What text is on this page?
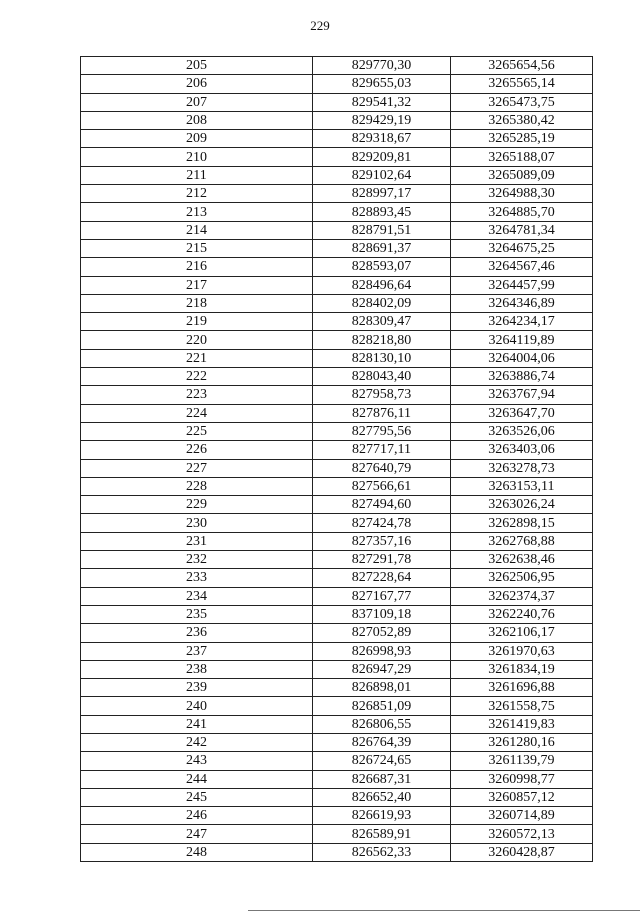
229
205	829770,30	3265654,56
206	829655,03	3265565,14
207	829541,32	3265473,75
208	829429,19	3265380,42
209	829318,67	3265285,19
210	829209,81	3265188,07
211	829102,64	3265089,09
212	828997,17	3264988,30
213	828893,45	3264885,70
214	828791,51	3264781,34
215	828691,37	3264675,25
216	828593,07	3264567,46
217	828496,64	3264457,99
218	828402,09	3264346,89
219	828309,47	3264234,17
220	828218,80	3264119,89
221	828130,10	3264004,06
222	828043,40	3263886,74
223	827958,73	3263767,94
224	827876,11	3263647,70
225	827795,56	3263526,06
226	827717,11	3263403,06
227	827640,79	3263278,73
228	827566,61	3263153,11
229	827494,60	3263026,24
230	827424,78	3262898,15
231	827357,16	3262768,88
232	827291,78	3262638,46
233	827228,64	3262506,95
234	827167,77	3262374,37
235	837109,18	3262240,76
236	827052,89	3262106,17
237	826998,93	3261970,63
238	826947,29	3261834,19
239	826898,01	3261696,88
240	826851,09	3261558,75
241	826806,55	3261419,83
242	826764,39	3261280,16
243	826724,65	3261139,79
244	826687,31	3260998,77
245	826652,40	3260857,12
246	826619,93	3260714,89
247	826589,91	3260572,13
248	826562,33	3260428,87
